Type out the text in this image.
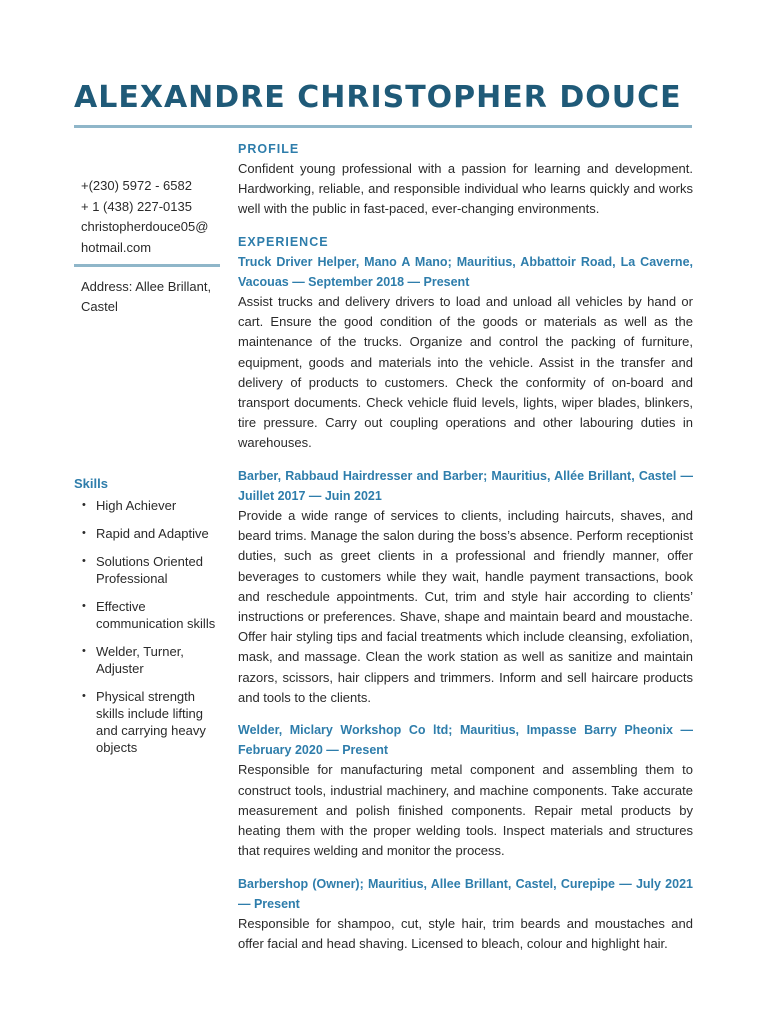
ALEXANDRE CHRISTOPHER DOUCE
+(230) 5972 - 6582
+ 1 (438) 227-0135
christopherdouce05@
hotmail.com
Address: Allee Brillant, Castel
Skills
• High Achiever
• Rapid and Adaptive
• Solutions Oriented Professional
• Effective communication skills
• Welder, Turner, Adjuster
• Physical strength skills include lifting and carrying heavy objects
PROFILE

Confident young professional with a passion for learning and development. Hardworking, reliable, and responsible individual who learns quickly and works well with the public in fast-paced, ever-changing environments.

EXPERIENCE

Truck Driver Helper, Mano A Mano; Mauritius, Abbattoir Road, La Caverne, Vacouas — September 2018 — Present

Assist trucks and delivery drivers to load and unload all vehicles by hand or cart. Ensure the good condition of the goods or materials as well as the maintenance of the trucks. Organize and control the packing of furniture, equipment, goods and materials into the vehicle. Assist in the transfer and delivery of products to customers. Check the conformity of on-board and transport documents. Check vehicle fluid levels, lights, wiper blades, blinkers, tire pressure. Carry out coupling operations and other labouring duties in warehouses.

Barber, Rabbaud Hairdresser and Barber; Mauritius, Allée Brillant, Castel — Juillet 2017 — Juin 2021

Provide a wide range of services to clients, including haircuts, shaves, and beard trims. Manage the salon during the boss’s absence. Perform receptionist duties, such as greet clients in a professional and friendly manner, offer beverages to customers while they wait, handle payment transactions, book and reschedule appointments. Cut, trim and style hair according to clients’ instructions or preferences. Shave, shape and maintain beard and moustache. Offer hair styling tips and facial treatments which include cleansing, exfoliation, mask, and massage. Clean the work station as well as sanitize and maintain razors, scissors, hair clippers and trimmers. Inform and sell haircare products and tools to the clients.

Welder, Miclary Workshop Co ltd; Mauritius, Impasse Barry Pheonix — February 2020 — Present

Responsible for manufacturing metal component and assembling them to construct tools, industrial machinery, and machine components. Take accurate measurement and polish finished components. Repair metal products by heating them with the proper welding tools. Inspect materials and structures that requires welding and monitor the process.

Barbershop (Owner); Mauritius, Allee Brillant, Castel, Curepipe — July 2021 — Present

Responsible for shampoo, cut, style hair, trim beards and moustaches and offer facial and head shaving. Licensed to bleach, colour and highlight hair.
